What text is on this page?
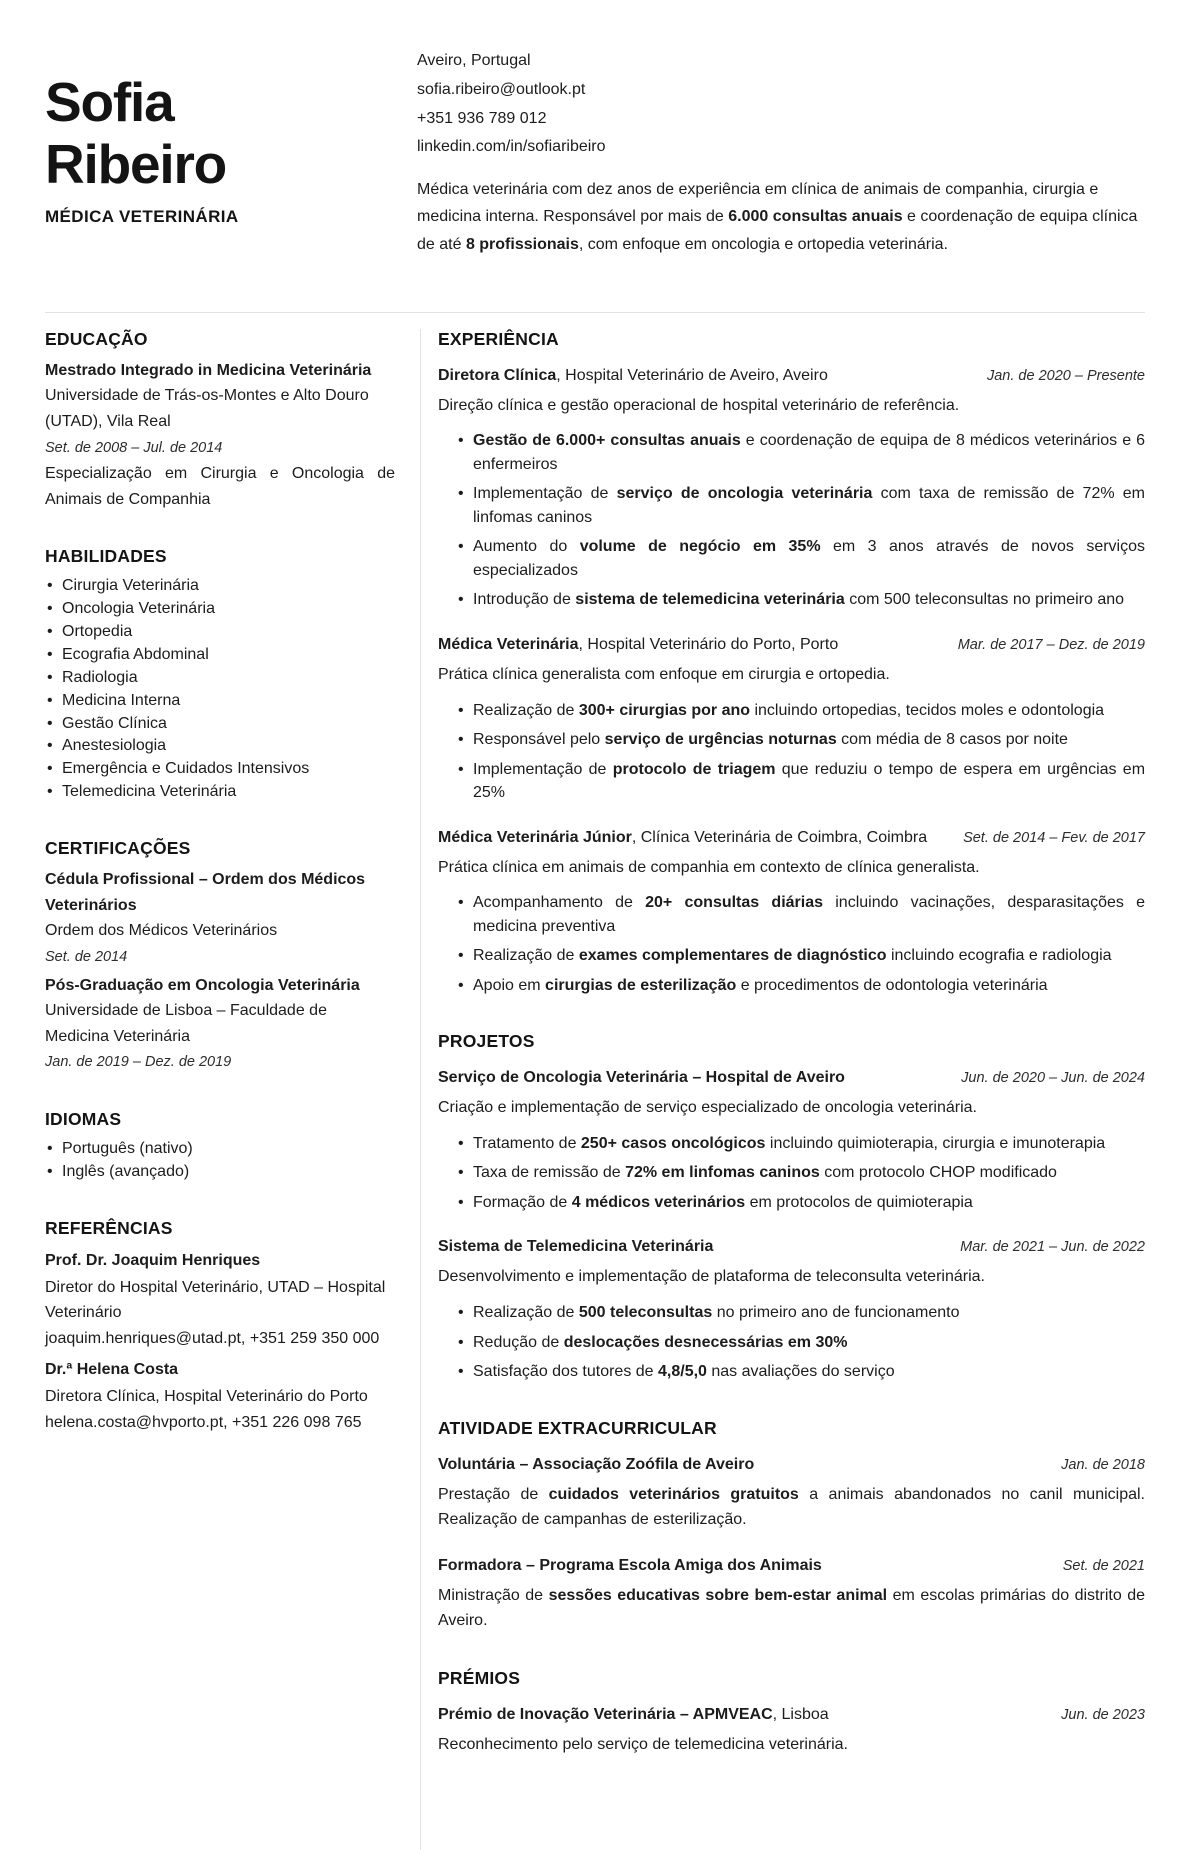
Sofia Ribeiro
MÉDICA VETERINÁRIA
Aveiro, Portugal
sofia.ribeiro@outlook.pt
+351 936 789 012
linkedin.com/in/sofiaribeiro

Médica veterinária com dez anos de experiência em clínica de animais de companhia, cirurgia e medicina interna. Responsável por mais de 6.000 consultas anuais e coordenação de equipa clínica de até 8 profissionais, com enfoque em oncologia e ortopedia veterinária.

EDUCAÇÃO
Mestrado Integrado in Medicina Veterinária
Universidade de Trás-os-Montes e Alto Douro (UTAD), Vila Real
Set. de 2008 – Jul. de 2014
Especialização em Cirurgia e Oncologia de Animais de Companhia
HABILIDADES
• Cirurgia Veterinária
• Oncologia Veterinária
• Ortopedia
• Ecografia Abdominal
• Radiologia
• Medicina Interna
• Gestão Clínica
• Anestesiologia
• Emergência e Cuidados Intensivos
• Telemedicina Veterinária
CERTIFICAÇÕES
Cédula Profissional – Ordem dos Médicos Veterinários
Ordem dos Médicos Veterinários
Set. de 2014
Pós-Graduação em Oncologia Veterinária
Universidade de Lisboa – Faculdade de Medicina Veterinária
Jan. de 2019 – Dez. de 2019
IDIOMAS
• Português (nativo)
• Inglês (avançado)
REFERÊNCIAS
Prof. Dr. Joaquim Henriques
Diretor do Hospital Veterinário, UTAD – Hospital Veterinário
joaquim.henriques@utad.pt, +351 259 350 000
Dr.ª Helena Costa
Diretora Clínica, Hospital Veterinário do Porto
helena.costa@hvporto.pt, +351 226 098 765
EXPERIÊNCIA
Diretora Clínica, Hospital Veterinário de Aveiro, Aveiro	Jan. de 2020 – Presente

Direção clínica e gestão operacional de hospital veterinário de referência.

• Gestão de 6.000+ consultas anuais e coordenação de equipa de 8 médicos veterinários e 6 enfermeiros
• Implementação de serviço de oncologia veterinária com taxa de remissão de 72% em linfomas caninos
• Aumento do volume de negócio em 35% em 3 anos através de novos serviços especializados
• Introdução de sistema de telemedicina veterinária com 500 teleconsultas no primeiro ano
Médica Veterinária, Hospital Veterinário do Porto, Porto	Mar. de 2017 – Dez. de 2019

Prática clínica generalista com enfoque em cirurgia e ortopedia.

• Realização de 300+ cirurgias por ano incluindo ortopedias, tecidos moles e odontologia
• Responsável pelo serviço de urgências noturnas com média de 8 casos por noite
• Implementação de protocolo de triagem que reduziu o tempo de espera em urgências em 25%
Médica Veterinária Júnior, Clínica Veterinária de Coimbra, Coimbra Set. de 2014 – Fev. de 2017

Prática clínica em animais de companhia em contexto de clínica generalista.

• Acompanhamento de 20+ consultas diárias incluindo vacinações, desparasitações e medicina preventiva
• Realização de exames complementares de diagnóstico incluindo ecografia e radiologia
• Apoio em cirurgias de esterilização e procedimentos de odontologia veterinária
PROJETOS
Serviço de Oncologia Veterinária – Hospital de Aveiro	Jun. de 2020 – Jun. de 2024

Criação e implementação de serviço especializado de oncologia veterinária.

• Tratamento de 250+ casos oncológicos incluindo quimioterapia, cirurgia e imunoterapia
• Taxa de remissão de 72% em linfomas caninos com protocolo CHOP modificado
• Formação de 4 médicos veterinários em protocolos de quimioterapia
Sistema de Telemedicina Veterinária	Mar. de 2021 – Jun. de 2022

Desenvolvimento e implementação de plataforma de teleconsulta veterinária.

• Realização de 500 teleconsultas no primeiro ano de funcionamento
• Redução de deslocações desnecessárias em 30%
• Satisfação dos tutores de 4,8/5,0 nas avaliações do serviço
ATIVIDADE EXTRACURRICULAR
Voluntária – Associação Zoófila de Aveiro	Jan. de 2018

Prestação de cuidados veterinários gratuitos a animais abandonados no canil municipal. Realização de campanhas de esterilização.

Formadora – Programa Escola Amiga dos Animais	Set. de 2021

Ministração de sessões educativas sobre bem-estar animal em escolas primárias do distrito de Aveiro.

PRÉMIOS
Prémio de Inovação Veterinária – APMVEAC, Lisboa	Jun. de 2023

Reconhecimento pelo serviço de telemedicina veterinária.
